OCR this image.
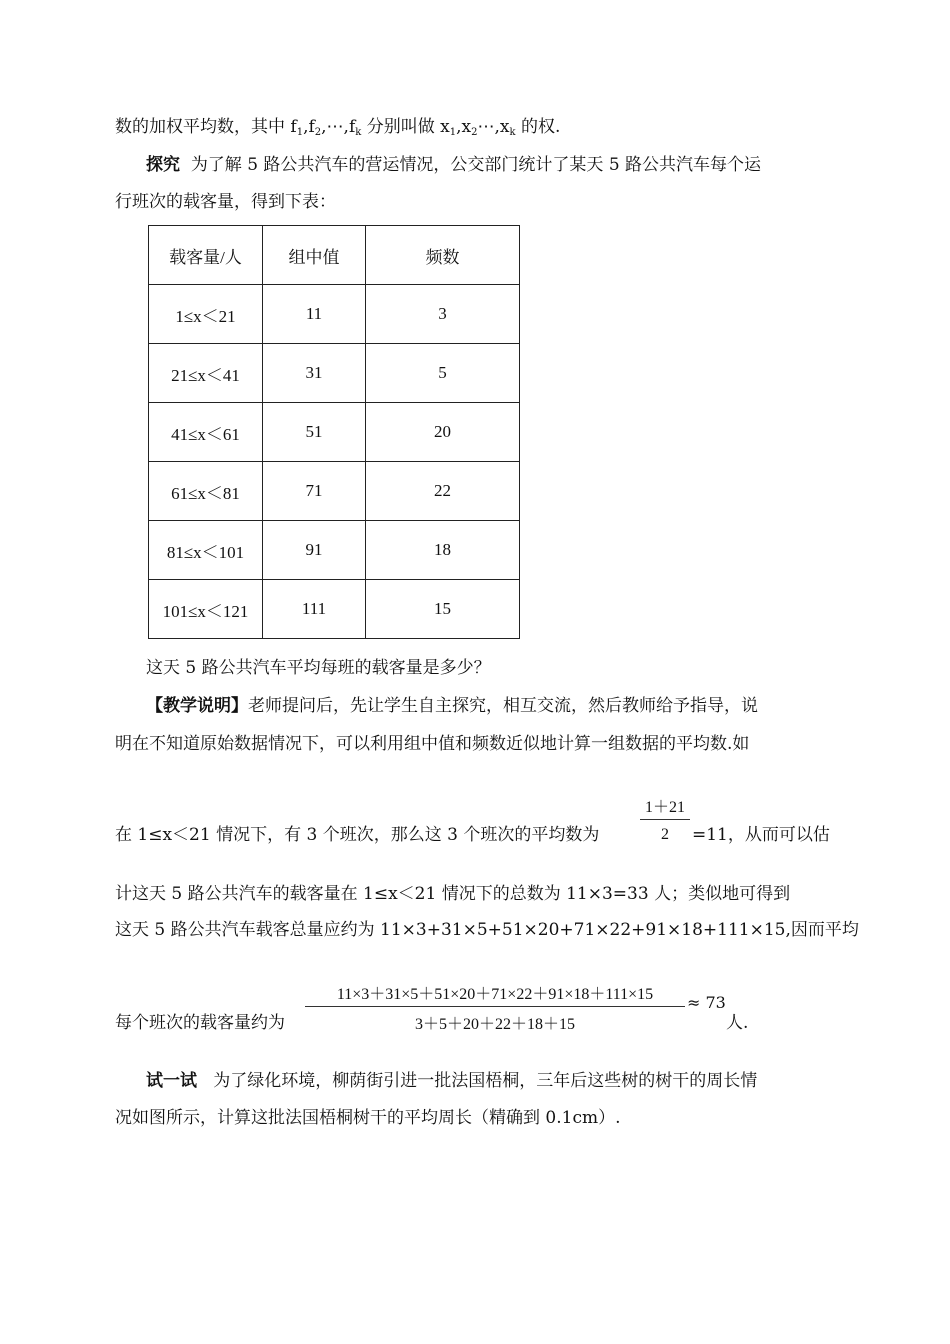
数的加权平均数，其中 $f_1,f_2,\cdots,f_k$ 分别叫做 $x_1,x_2\cdots,x_k$ 的权.
探究 为了解 5 路公共汽车的营运情况，公交部门统计了某天 5 路公共汽车每个运
行班次的载客量，得到下表：
载客量/人	组中值	频数
1≤x＜21	11	3
21≤x＜41	31	5
41≤x＜61	51	20
61≤x＜81	71	22
81≤x＜101	91	18
101≤x＜121	111	15
这天 5 路公共汽车平均每班的载客量是多少？
【教学说明】老师提问后，先让学生自主探究，相互交流，然后教师给予指导，说
明在不知道原始数据情况下，可以利用组中值和频数近似地计算一组数据的平均数.如
在 1≤x＜21 情况下，有 3 个班次，那么这 3 个班次的平均数为	$\frac{1+21}{2} =11$，从而可以估
计这天 5 路公共汽车的载客量在 1≤x＜21 情况下的总数为 11×3=33 人；类似地可得到
这天 5 路公共汽车载客总量应约为 11×3+31×5+51×20+71×22+91×18+111×15,因而平均
每个班次的载客量约为 $\frac{11\times 3+31\times 5+51\times 20+71\times 22+91\times 18+111\times 15}{3+5+20+22+18+15} \approx 73$
人.
试一试 为了绿化环境，柳荫街引进一批法国梧桐，三年后这些树的树干的周长情
况如图所示，计算这批法国梧桐树干的平均周长（精确到 0.1cm）.
